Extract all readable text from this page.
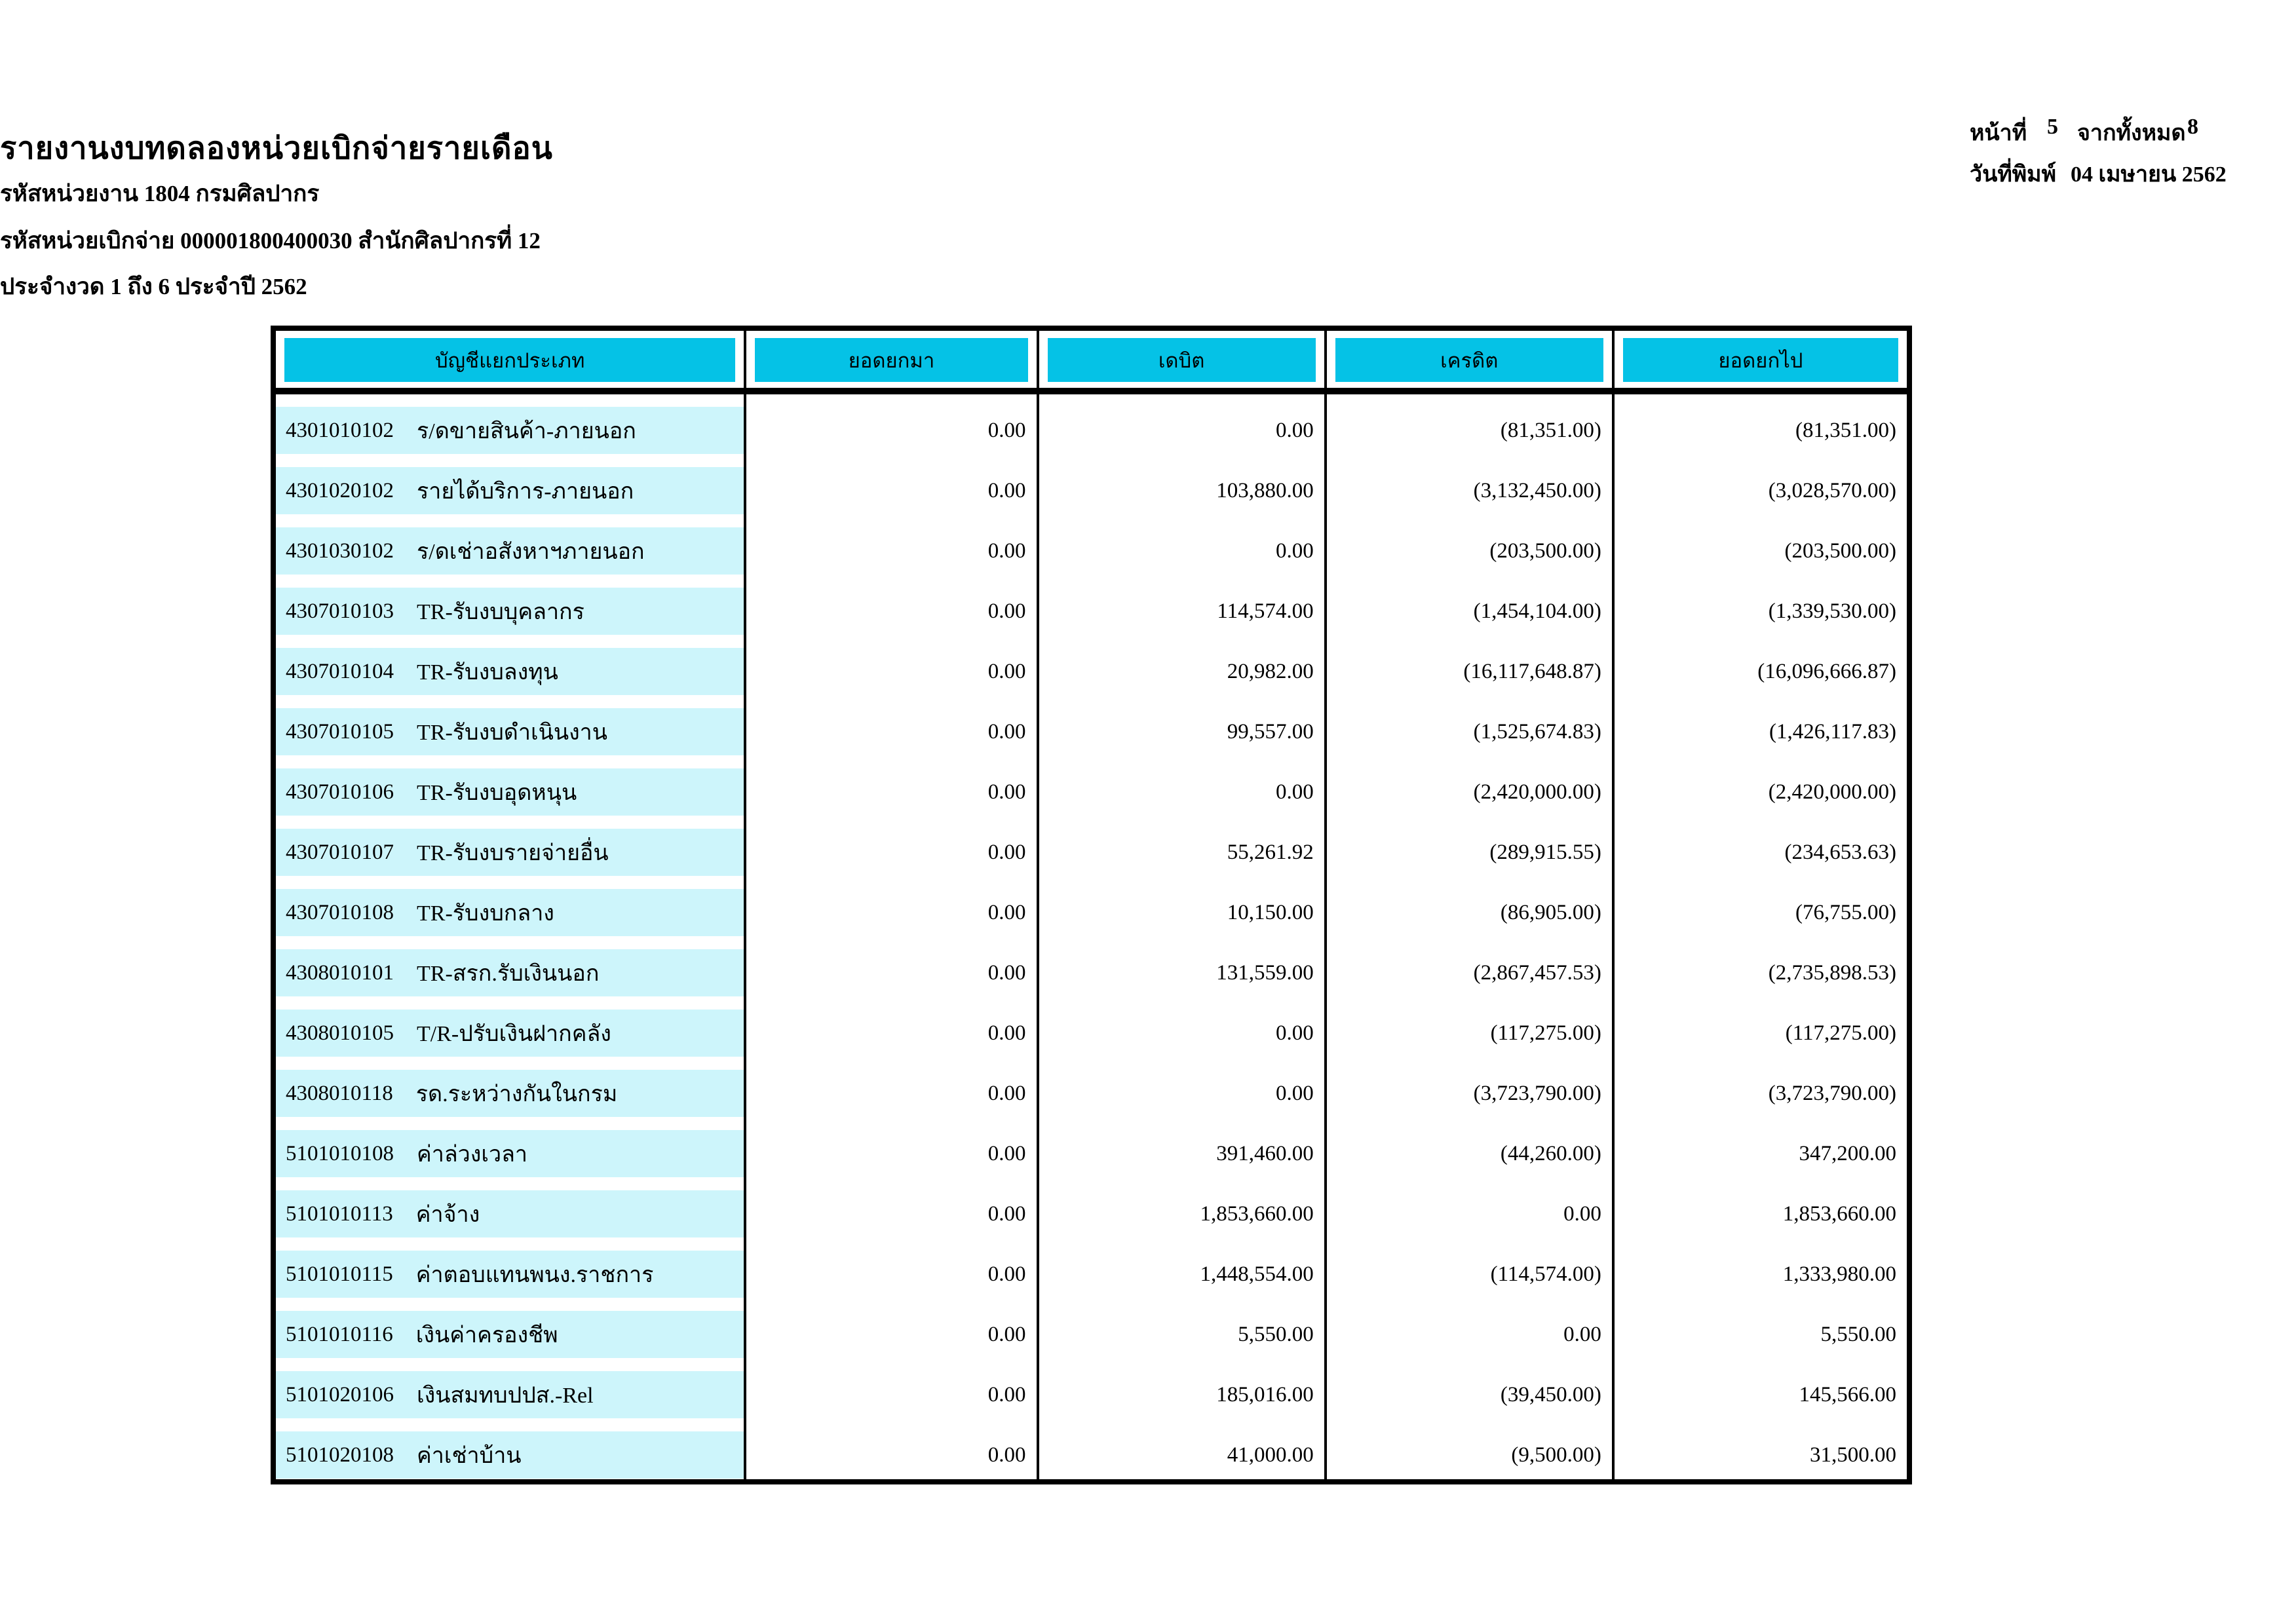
รายงานงบทดลองหน่วยเบิกจ่ายรายเดือน
รหัสหน่วยงาน 1804 กรมศิลปากร
รหัสหน่วยเบิกจ่าย 000001800400030 สำนักศิลปากรที่ 12
ประจำงวด 1 ถึง 6 ประจำปี 2562
หน้าที่ 5 จากทั้งหมด 8
วันที่พิมพ์ 04 เมษายน 2562
บัญชีแยกประเภท	ยอดยกมา	เดบิต	เครดิต	ยอดยกไป
4301010102 ร/ดขายสินค้า-ภายนอก	0.00	0.00	(81,351.00)	(81,351.00)
4301020102 รายได้บริการ-ภายนอก	0.00	103,880.00	(3,132,450.00)	(3,028,570.00)
4301030102 ร/ดเช่าอสังหาฯภายนอก	0.00	0.00	(203,500.00)	(203,500.00)
4307010103 TR-รับงบบุคลากร	0.00	114,574.00	(1,454,104.00)	(1,339,530.00)
4307010104 TR-รับงบลงทุน	0.00	20,982.00	(16,117,648.87)	(16,096,666.87)
4307010105 TR-รับงบดำเนินงาน	0.00	99,557.00	(1,525,674.83)	(1,426,117.83)
4307010106 TR-รับงบอุดหนุน	0.00	0.00	(2,420,000.00)	(2,420,000.00)
4307010107 TR-รับงบรายจ่ายอื่น	0.00	55,261.92	(289,915.55)	(234,653.63)
4307010108 TR-รับงบกลาง	0.00	10,150.00	(86,905.00)	(76,755.00)
4308010101 TR-สรก.รับเงินนอก	0.00	131,559.00	(2,867,457.53)	(2,735,898.53)
4308010105 T/R-ปรับเงินฝากคลัง	0.00	0.00	(117,275.00)	(117,275.00)
4308010118 รด.ระหว่างกันในกรม	0.00	0.00	(3,723,790.00)	(3,723,790.00)
5101010108 ค่าล่วงเวลา	0.00	391,460.00	(44,260.00)	347,200.00
5101010113 ค่าจ้าง	0.00	1,853,660.00	0.00	1,853,660.00
5101010115 ค่าตอบแทนพนง.ราชการ	0.00	1,448,554.00	(114,574.00)	1,333,980.00
5101010116 เงินค่าครองชีพ	0.00	5,550.00	0.00	5,550.00
5101020106 เงินสมทบปปส.-Rel	0.00	185,016.00	(39,450.00)	145,566.00
5101020108 ค่าเช่าบ้าน	0.00	41,000.00	(9,500.00)	31,500.00
